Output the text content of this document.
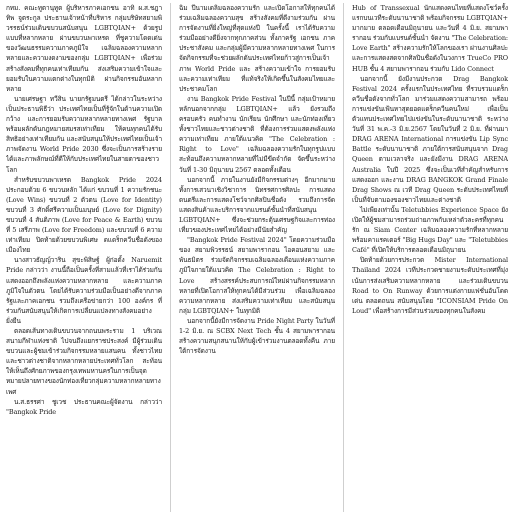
กทม. คณะทูตานุทูต ผู้บริหารภาคเอกชน อาทิ ผ.ส.ชฎาทิพ จูตระกูล ประธานเจ้าหน้าที่บริหาร กลุ่มบริษัทสยามพิวรรธน์ร่วมเดินขบวนสนับสนุน LGBTQIAN+ ด้วยรูปแบบที่หลากหลาย ผ่านขบวนพาเหรด ที่ชูความโดดเด่นของวัฒนธรรมความภาคภูมิใจ เฉลิมฉลองความหลากหลายและความงดงามของกลุ่ม LGBTQIAN+ เพื่อร่วมสร้างสังคมที่ทุกคนเท่าเทียมกัน ส่งเสริมความเข้าใจและยอมรับในความแตกต่างในทุกมิติ ผ่านกิจกรรมอันหลากหลาย

นายเศรษฐา ทวีสิน นายกรัฐมนตรี ได้กล่าวในระหว่างเป็นประธานพิธีว่า ประเทศไทยเป็นที่รู้จักในด้านความเปิดกว้าง และการยอมรับความหลากหลายทางเพศ รัฐบาลพร้อมผลักดันกฎหมายสมรสเท่าเทียม ให้คนทุกคนได้รับสิทธิอย่างเท่าเทียมกัน และสนับสนุนให้ประเทศไทยเป็นเจ้าภาพจัดงาน World Pride 2030 ซึ่งจะเป็นการสร้างรายได้และภาพลักษณ์ที่ดีให้กับประเทศไทยในสายตาของชาวโลก

สำหรับขบวนพาเหรด Bangkok Pride 2024 ประกอบด้วย 6 ขบวนหลัก ได้แก่ ขบวนที่ 1 ความรักชนะ (Love Wins) ขบวนที่ 2 ตัวตน (Love for Identity) ขบวนที่ 3 ศักดิ์ศรีความเป็นมนุษย์ (Love for Dignity) ขบวนที่ 4 สันติภาพ (Love for Peace & Earth) ขบวนที่ 5 เสรีภาพ (Love for Freedom) และขบวนที่ 6 ความเท่าเทียม ปิดท้ายด้วยขบวนพิเศษ ดแดร็กควีนชื่อดังของเมืองไทย

นางสาวธัญญ์วาริน สุขะพิสิษฐ์ ผู้ก่อตั้ง Naruemit Pride กล่าวว่า งานนี้ถือเป็นครั้งที่สามแล้วที่เราได้ร่วมกันแสดงออกถึงพลังแห่งความหลากหลาย และความภาคภูมิใจในตัวตน โดยได้รับความร่วมมือเป็นอย่างดีจากภาครัฐและภาคเอกชน รวมถึงเครือข่ายกว่า 100 องค์กร ที่ร่วมกันสนับสนุนให้เกิดการเปลี่ยนแปลงทางสังคมอย่างยั่งยืน

ตลอดเส้นทางเดินขบวนจากถนนพระราม 1 บริเวณสนามกีฬาแห่งชาติ ไปจนถึงแยกราชประสงค์ มีผู้ร่วมเดินขบวนและผู้ชมเข้าร่วมกิจกรรมหลายแสนคน ทั้งชาวไทยและชาวต่างชาติจากหลากหลายประเทศทั่วโลก สะท้อนให้เห็นถึงศักยภาพของกรุงเทพมหานครในการเป็นจุดหมายปลายทางของนักท่องเที่ยวกลุ่มความหลากหลายทางเพศ

น.ส.ธรรศา ชูเวช ประธานคณะผู้จัดงาน กล่าวว่า "Bangkok Pride

ฉิม ปีนามเดลิมฉลองความรัก และเปิดโอกาสให้ทุกคนได้ร่วมเฉลิมฉลองความสุข สร้างสังคมที่ดีงามร่วมกัน ผ่านการจัดงานที่ยิ่งใหญ่ที่สุดแห่งปี ในครั้งนี้ เราได้รับความร่วมมืออย่างดียิ่งจากทุกภาคส่วน ทั้งภาครัฐ เอกชน ภาคประชาสังคม และกลุ่มผู้มีความหลากหลายทางเพศ ในการจัดกิจกรรมที่จะช่วยผลักดันประเทศไทยก้าวสู่การเป็นเจ้าภาพ World Pride และ สร้างความเข้าใจ การยอมรับ และความเท่าเทียม ที่แท้จริงให้เกิดขึ้นในสังคมไทยและประชาคมโลก

งาน Bangkok Pride Festival ในปีนี้ กลุ่มเป้าหมายหลักนอกจากกลุ่ม LGBTQIAN+ แล้ว ยังรวมถึงครอบครัว คนทำงาน นักเรียน นักศึกษา และนักท่องเที่ยวทั้งชาวไทยและชาวต่างชาติ ที่ต้องการร่วมแสดงพลังแห่งความเท่าเทียม ภายใต้แนวคิด "The Celebration : Right to Love" เฉลิมฉลองความรักในทุกรูปแบบ สะท้อนถึงความหลากหลายที่ไม่มีขีดจำกัด จัดขึ้นระหว่างวันที่ 1-30 มิถุนายน 2567 ตลอดทั้งเดือน

นอกจากนี้ ภายในงานยังมีกิจกรรมต่างๆ อีกมากมาย ทั้งการเสวนาเชิงวิชาการ นิทรรศการศิลปะ การแสดงดนตรีและการแสดงโชว์จากศิลปินชื่อดัง รวมถึงการจัดแสดงสินค้าและบริการจากแบรนด์ชั้นนำที่สนับสนุน LGBTQIAN+ ซึ่งจะช่วยกระตุ้นเศรษฐกิจและการท่องเที่ยวของประเทศไทยได้อย่างมีนัยสำคัญ

"Bangkok Pride Festival 2024" โดยความร่วมมือของ สยามพิวรรธน์ สยามพารากอน ไอคอนสยาม และพันธมิตร ร่วมจัดกิจกรรมเฉลิมฉลองเดือนแห่งความภาคภูมิใจภายใต้แนวคิด The Celebration : Right to Love สร้างสรรค์ประสบการณ์ใหม่ผ่านกิจกรรมหลากหลายที่เปิดโอกาสให้ทุกคนได้มีส่วนร่วม เพื่อเฉลิมฉลองความหลากหลาย ส่งเสริมความเท่าเทียม และสนับสนุนกลุ่ม LGBTQIAN+ ในทุกมิติ

นอกจากนี้ยังมีการจัดงาน Pride Night Party ในวันที่ 1-2 มิ.ย. ณ SCBX Next Tech ชั้น 4 สยามพารากอน สร้างความสนุกสนานให้กับผู้เข้าร่วมงานตลอดทั้งคืน ภายใต้การจัดงาน

Hub of Transsexual นักแสดงคนไทยที่แสดงโชว์ครั้งแรกบนเวทีระดับนานาชาติ พร้อมกิจกรรม LGBTQIAN+ มากมาย ตลอดเดือนมิถุนายน และวันที่ 4 มิ.ย. สยามพารากอน ร่วมกับแบรนด์ชั้นนำ จัดงาน "The Celebration: Love Earth" สร้างความรักให้โลกของเรา ผ่านงานศิลปะและการแสดงสดจากศิลปินชื่อดังในวงการ TrueCo PRO HUB ชั้น 4 สยามพารากอน ร่วมกับ Lido Connect

นอกจากนี้ ยังมีงานประกวด Drag Bangkok Festival 2024 ครั้งแรกในประเทศไทย ที่รวบรวมแดร็กควีนชื่อดังจากทั่วโลก มาร่วมแสดงความสามารถ พร้อมการแข่งขันเฟ้นหาสุดยอดแดร็กควีนคนใหม่ เพื่อเป็นตัวแทนประเทศไทยไปแข่งขันในระดับนานาชาติ ระหว่างวันที่ 31 พ.ค.-3 มิ.ย.2567 โดยในวันที่ 2 มิ.ย. ที่ผ่านมา DRAG ARENA International การแข่งขัน Lip Sync Battle ระดับนานาชาติ ภายใต้การสนับสนุนจาก Drag Queen ตามเวลาจริง และยังมีงาน DRAG ARENA Australia ในปี 2025 ซึ่งจะเป็นเวทีสำคัญสำหรับการแสดงออก และงาน DRAG BANGKOK Grand Finale Drag Shows ณ เวที Drag Queen ระดับประเทศไทยที่เป็นที่จับตามองของชาวไทยและต่างชาติ

ไม่เพียงเท่านั้น Teletubbies Experience Space ยังเปิดให้ผู้ชมสามารถร่วมถ่ายภาพกับเหล่าตัวละครที่ทุกคนรัก ณ Siam Center เฉลิมฉลองความรักที่หลากหลาย พร้อมคาแรคเตอร์ "Big Hugs Day" และ "Teletubbies Café" ที่เปิดให้บริการตลอดเดือนมิถุนายน

ปิดท้ายด้วยการประกวด Mister International Thailand 2024 เวทีประกวดชายงามระดับประเทศที่มุ่งเน้นการส่งเสริมความหลากหลาย และร่วมเดินขบวน Road to On Runway ด้วยการแต่งกายแฟชั่นอันโดดเด่น ตลอดถนน สนับสนุนโดย "ICONSIAM Pride On Loud" เพื่อสร้างการมีส่วนร่วมของทุกคนในสังคม
